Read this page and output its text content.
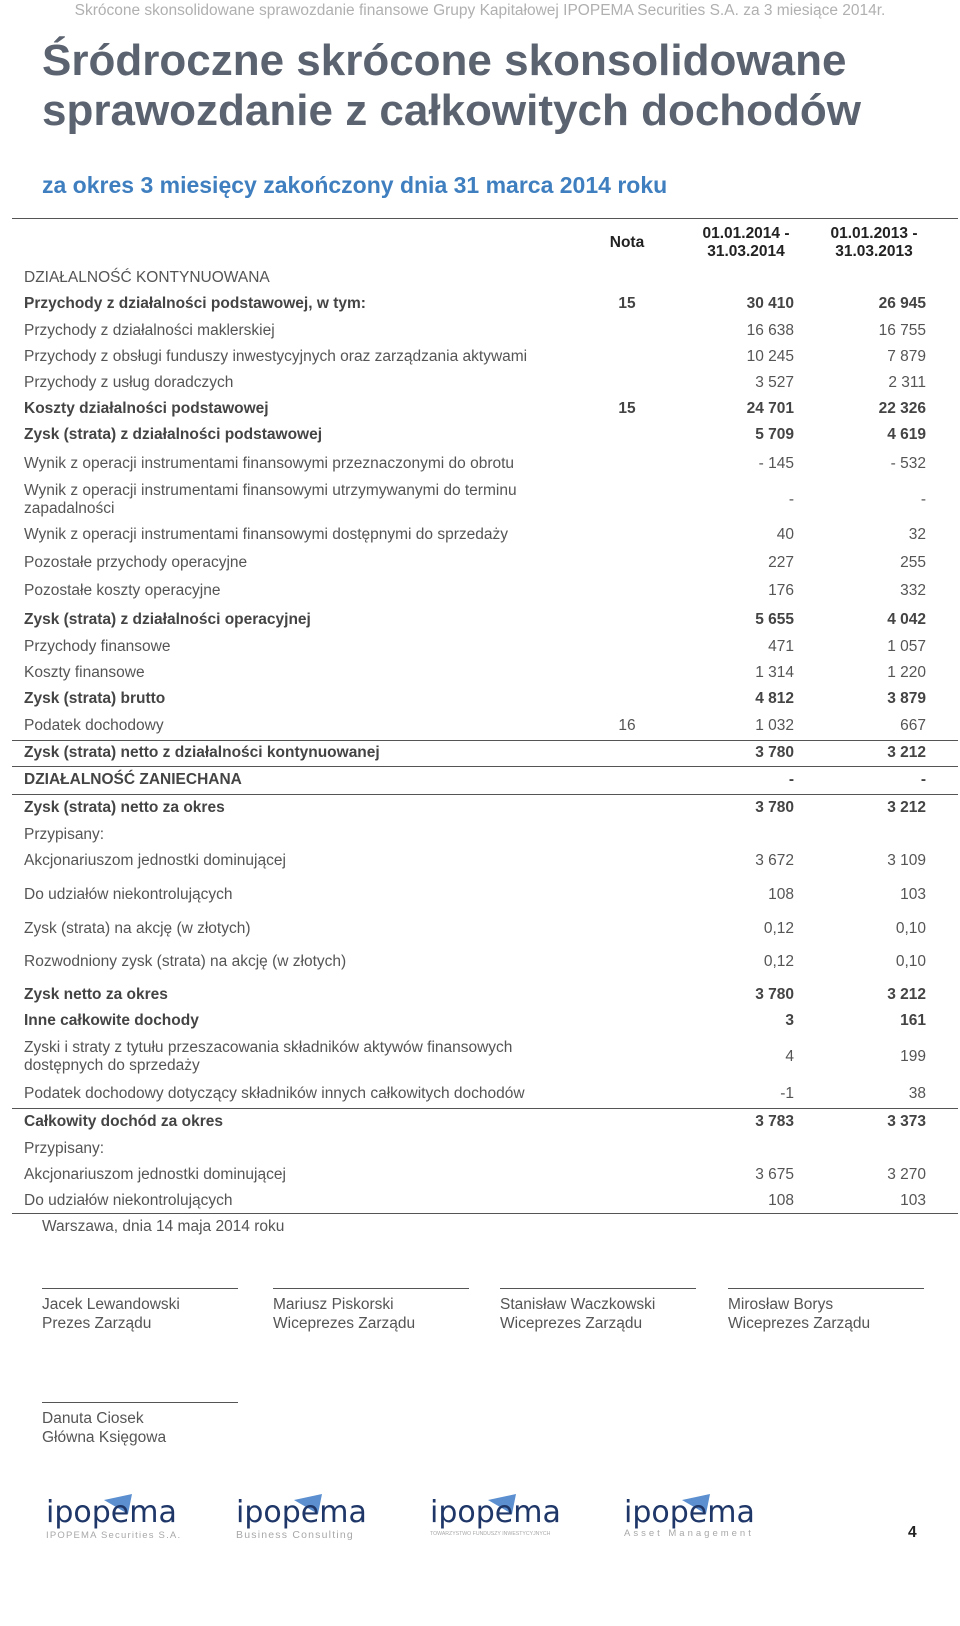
Skrócone skonsolidowane sprawozdanie finansowe Grupy Kapitałowej IPOPEMA Securities S.A. za 3 miesiące 2014r.
Śródroczne skrócone skonsolidowane
sprawozdanie z całkowitych dochodów
za okres 3 miesięcy zakończony dnia 31 marca 2014 roku
Nota
01.01.2014 -
31.03.2014
01.01.2013 -
31.03.2013
DZIAŁALNOŚĆ KONTYNUOWANA
Przychody z działalności podstawowej, w tym:	15	30 410	26 945
Przychody z działalności maklerskiej	16 638	16 755
Przychody z obsługi funduszy inwestycyjnych oraz zarządzania aktywami	10 245	7 879
Przychody z usług doradczych	3 527	2 311
Koszty działalności podstawowej	15	24 701	22 326
Zysk (strata) z działalności podstawowej	5 709	4 619
Wynik z operacji instrumentami finansowymi przeznaczonymi do obrotu	- 145	- 532
Wynik z operacji instrumentami finansowymi utrzymywanymi do terminu zapadalności
-	-
Wynik z operacji instrumentami finansowymi dostępnymi do sprzedaży	40	32
Pozostałe przychody operacyjne	227	255
Pozostałe koszty operacyjne	176	332
Zysk (strata) z działalności operacyjnej	5 655	4 042
Przychody finansowe	471	1 057
Koszty finansowe	1 314	1 220
Zysk (strata) brutto	4 812	3 879
Podatek dochodowy	16	1 032	667
Zysk (strata) netto z działalności kontynuowanej	3 780	3 212
DZIAŁALNOŚĆ ZANIECHANA	-	-
Zysk (strata) netto za okres	3 780	3 212
Przypisany:
Akcjonariuszom jednostki dominującej	3 672	3 109
Do udziałów niekontrolujących	108	103
Zysk (strata) na akcję (w złotych)	0,12	0,10
Rozwodniony zysk (strata) na akcję (w złotych)	0,12	0,10
Zysk netto za okres	3 780	3 212
Inne całkowite dochody	3	161
Zyski i straty z tytułu przeszacowania składników aktywów finansowych dostępnych do sprzedaży
4	199
Podatek dochodowy dotyczący składników innych całkowitych dochodów	-1	38
Całkowity dochód za okres	3 783	3 373
Przypisany:
Akcjonariuszom jednostki dominującej	3 675	3 270
Do udziałów niekontrolujących	108	103
Warszawa, dnia 14 maja 2014 roku
Jacek Lewandowski
Prezes Zarządu
Mariusz Piskorski
Wiceprezes Zarządu
Stanisław Waczkowski
Wiceprezes Zarządu
Mirosław Borys
Wiceprezes Zarządu
Danuta Ciosek
Główna Księgowa
ipopema
IPOPEMA Securities S.A.
ipopema
Business Consulting
ipopema
TOWARZYSTWO FUNDUSZY INWESTYCYJNYCH
ipopema
Asset Management	4
